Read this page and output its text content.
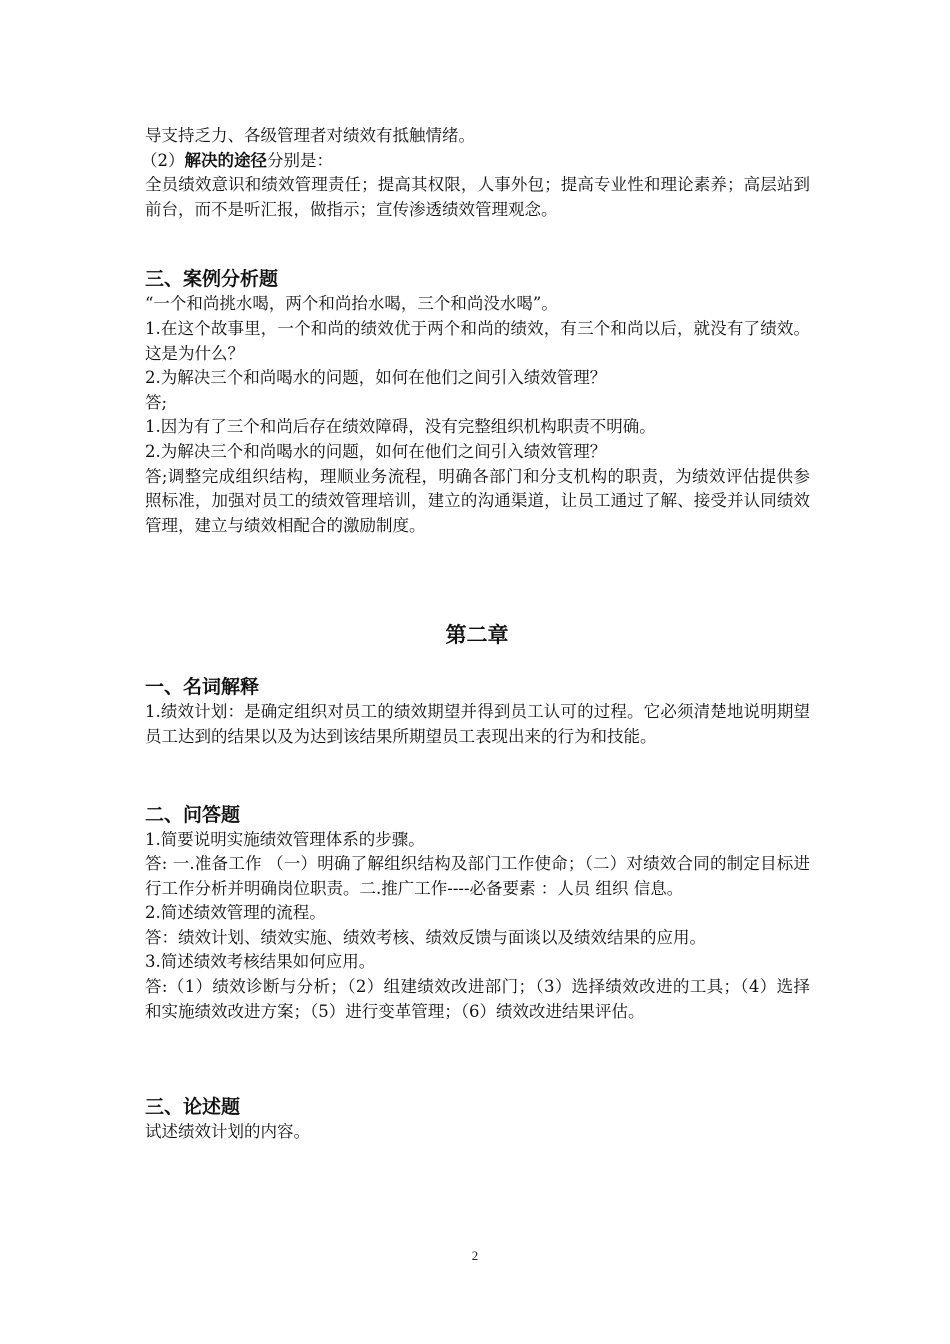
导支持乏力、各级管理者对绩效有抵触情绪。

（2）解决的途径分别是：

全员绩效意识和绩效管理责任；提高其权限，人事外包；提高专业性和理论素养；高层站到前台，而不是听汇报，做指示；宣传渗透绩效管理观念。

三、案例分析题

“一个和尚挑水喝，两个和尚抬水喝，三个和尚没水喝”。

1.在这个故事里，一个和尚的绩效优于两个和尚的绩效，有三个和尚以后，就没有了绩效。这是为什么？

2.为解决三个和尚喝水的问题，如何在他们之间引入绩效管理？

答;

1.因为有了三个和尚后存在绩效障碍，没有完整组织机构职责不明确。

2.为解决三个和尚喝水的问题，如何在他们之间引入绩效管理？

答;调整完成组织结构，理顺业务流程，明确各部门和分支机构的职责，为绩效评估提供参照标准，加强对员工的绩效管理培训，建立的沟通渠道，让员工通过了解、接受并认同绩效管理，建立与绩效相配合的激励制度。

第二章

一、名词解释

1.绩效计划：是确定组织对员工的绩效期望并得到员工认可的过程。它必须清楚地说明期望员工达到的结果以及为达到该结果所期望员工表现出来的行为和技能。

二、问答题

1.简要说明实施绩效管理体系的步骤。

答: 一.准备工作 （一）明确了解组织结构及部门工作使命；（二）对绩效合同的制定目标进行工作分析并明确岗位职责。二.推广工作----必备要素 ：人员 组织 信息。

2.简述绩效管理的流程。

答：绩效计划、绩效实施、绩效考核、绩效反馈与面谈以及绩效结果的应用。

3.简述绩效考核结果如何应用。

答:（1）绩效诊断与分析；（2）组建绩效改进部门；（3）选择绩效改进的工具；（4）选择和实施绩效改进方案；（5）进行变革管理；（6）绩效改进结果评估。

三、论述题

试述绩效计划的内容。

2
